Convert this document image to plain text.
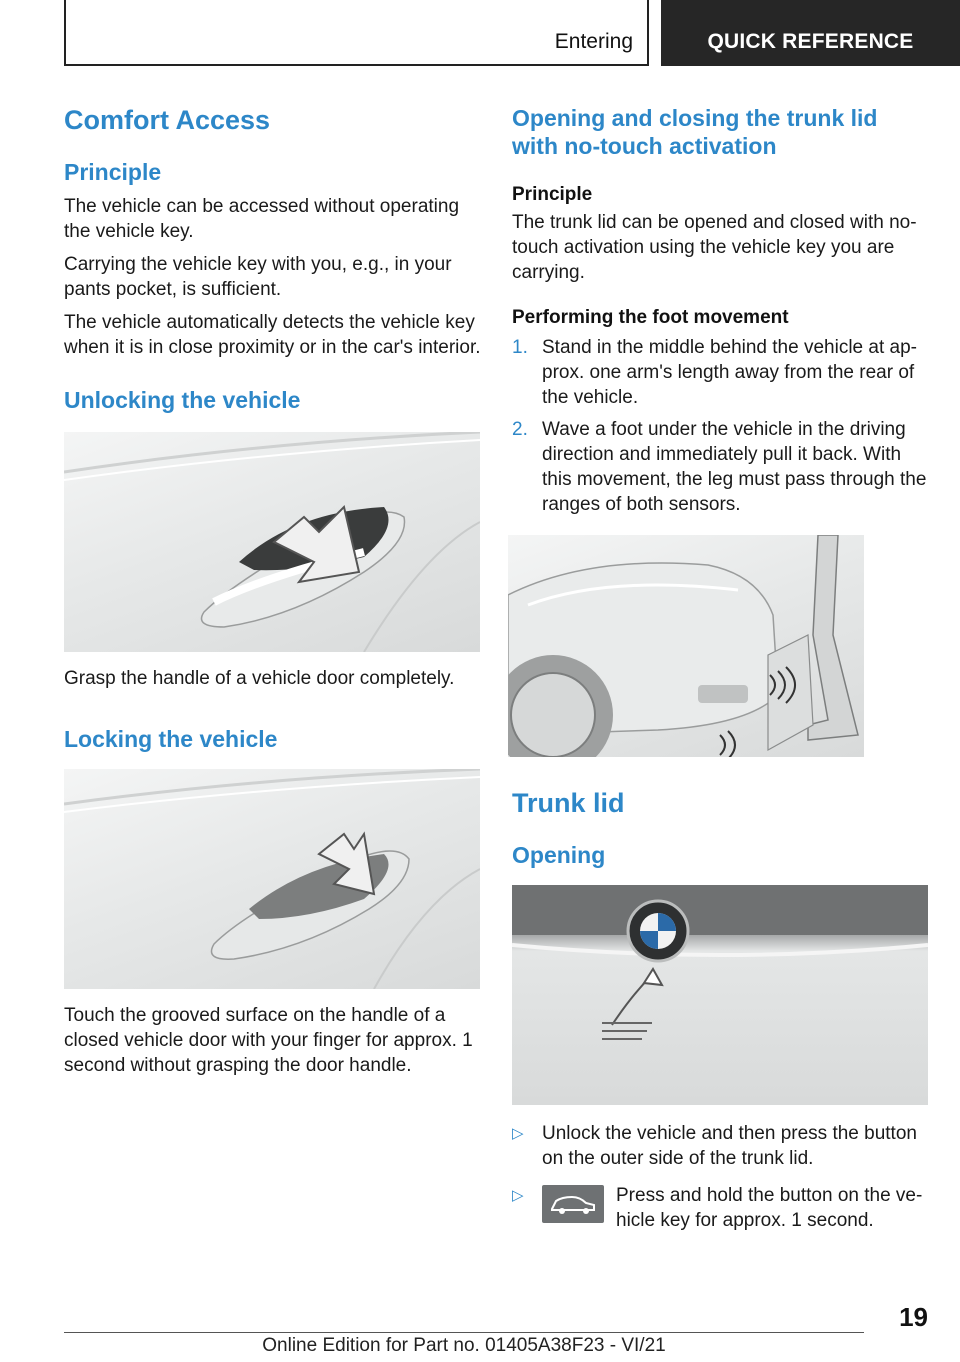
Entering	QUICK REFERENCE
Comfort Access
Principle

The vehicle can be accessed without operating the vehicle key.

Carrying the vehicle key with you, e.g., in your pants pocket, is sufficient.

The vehicle automatically detects the vehicle key when it is in close proximity or in the car's interior.

Unlocking the vehicle

Grasp the handle of a vehicle door completely.

Locking the vehicle

Touch the grooved surface on the handle of a closed vehicle door with your finger for approx. 1 second without grasping the door handle.

Opening and closing the trunk lid with no-touch activation
Principle

The trunk lid can be opened and closed with no-touch activation using the vehicle key you are carrying.

Performing the foot movement
1. Stand in the middle behind the vehicle at approx. one arm's length away from the rear of the vehicle.
2. Wave a foot under the vehicle in the driving direction and immediately pull it back. With this movement, the leg must pass through the ranges of both sensors.
Trunk lid
Opening
▷ Unlock the vehicle and then press the button on the outer side of the trunk lid.
▷	Press and hold the button on the vehicle key for approx. 1 second.
19
Online Edition for Part no. 01405A38F23 - VI/21
